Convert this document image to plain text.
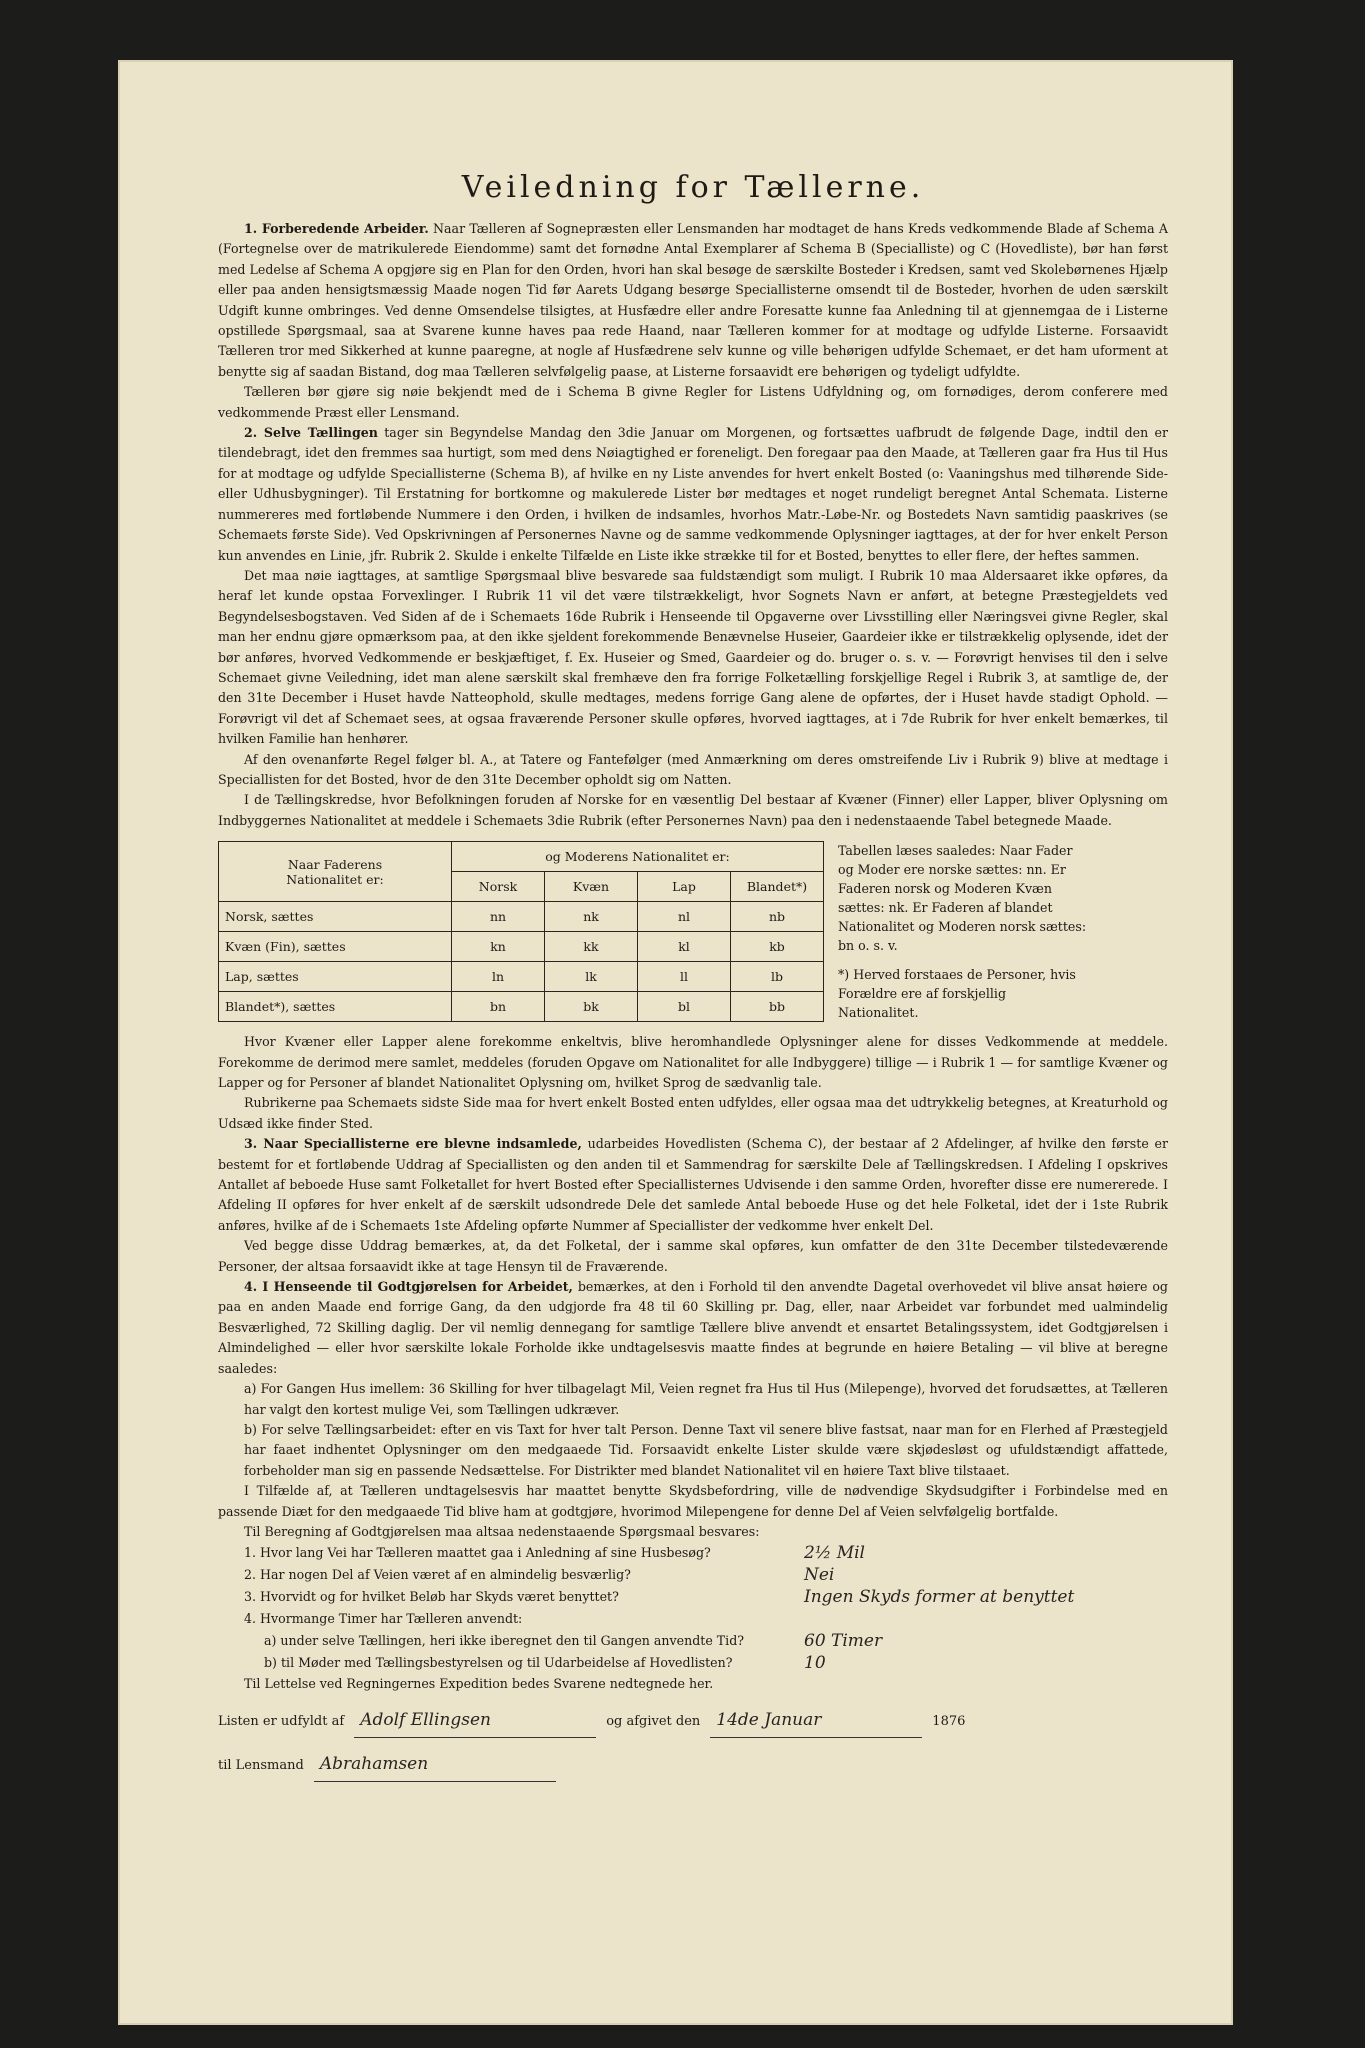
Veiledning for Tællerne.

1. Forberedende Arbeider. Naar Tælleren af Sognepræsten eller Lensmanden har modtaget de hans Kreds vedkommende Blade af Schema A (Fortegnelse over de matrikulerede Eiendomme) samt det fornødne Antal Exemplarer af Schema B (Specialliste) og C (Hovedliste), bør han først med Ledelse af Schema A opgjøre sig en Plan for den Orden, hvori han skal besøge de særskilte Bosteder i Kredsen, samt ved Skolebørnenes Hjælp eller paa anden hensigtsmæssig Maade nogen Tid før Aarets Udgang besørge Speciallisterne omsendt til de Bosteder, hvorhen de uden særskilt Udgift kunne ombringes. Ved denne Omsendelse tilsigtes, at Husfædre eller andre Foresatte kunne faa Anledning til at gjennemgaa de i Listerne opstillede Spørgsmaal, saa at Svarene kunne haves paa rede Haand, naar Tælleren kommer for at modtage og udfylde Listerne. Forsaavidt Tælleren tror med Sikkerhed at kunne paaregne, at nogle af Husfædrene selv kunne og ville behørigen udfylde Schemaet, er det ham uforment at benytte sig af saadan Bistand, dog maa Tælleren selvfølgelig paase, at Listerne forsaavidt ere behørigen og tydeligt udfyldte.

Tælleren bør gjøre sig nøie bekjendt med de i Schema B givne Regler for Listens Udfyldning og, om fornødiges, derom conferere med vedkommende Præst eller Lensmand.

2. Selve Tællingen tager sin Begyndelse Mandag den 3die Januar om Morgenen, og fortsættes uafbrudt de følgende Dage, indtil den er tilendebragt, idet den fremmes saa hurtigt, som med dens Nøiagtighed er foreneligt. Den foregaar paa den Maade, at Tælleren gaar fra Hus til Hus for at modtage og udfylde Speciallisterne (Schema B), af hvilke en ny Liste anvendes for hvert enkelt Bosted (o: Vaaningshus med tilhørende Side- eller Udhusbygninger). Til Erstatning for bortkomne og makulerede Lister bør medtages et noget rundeligt beregnet Antal Schemata. Listerne nummereres med fortløbende Nummere i den Orden, i hvilken de indsamles, hvorhos Matr.-Løbe-Nr. og Bostedets Navn samtidig paaskrives (se Schemaets første Side). Ved Opskrivningen af Personernes Navne og de samme vedkommende Oplysninger iagttages, at der for hver enkelt Person kun anvendes en Linie, jfr. Rubrik 2. Skulde i enkelte Tilfælde en Liste ikke strække til for et Bosted, benyttes to eller flere, der heftes sammen.

Det maa nøie iagttages, at samtlige Spørgsmaal blive besvarede saa fuldstændigt som muligt. I Rubrik 10 maa Aldersaaret ikke opføres, da heraf let kunde opstaa Forvexlinger. I Rubrik 11 vil det være tilstrækkeligt, hvor Sognets Navn er anført, at betegne Præstegjeldets ved Begyndelsesbogstaven. Ved Siden af de i Schemaets 16de Rubrik i Henseende til Opgaverne over Livsstilling eller Næringsvei givne Regler, skal man her endnu gjøre opmærksom paa, at den ikke sjeldent forekommende Benævnelse Huseier, Gaardeier ikke er tilstrækkelig oplysende, idet der bør anføres, hvorved Vedkommende er beskjæftiget, f. Ex. Huseier og Smed, Gaardeier og do. bruger o. s. v. — Forøvrigt henvises til den i selve Schemaet givne Veiledning, idet man alene særskilt skal fremhæve den fra forrige Folketælling forskjellige Regel i Rubrik 3, at samtlige de, der den 31te December i Huset havde Natteophold, skulle medtages, medens forrige Gang alene de opførtes, der i Huset havde stadigt Ophold. — Forøvrigt vil det af Schemaet sees, at ogsaa fraværende Personer skulle opføres, hvorved iagttages, at i 7de Rubrik for hver enkelt bemærkes, til hvilken Familie han henhører.

Af den ovenanførte Regel følger bl. A., at Tatere og Fantefølger (med Anmærkning om deres omstreifende Liv i Rubrik 9) blive at medtage i Speciallisten for det Bosted, hvor de den 31te December opholdt sig om Natten.

I de Tællingskredse, hvor Befolkningen foruden af Norske for en væsentlig Del bestaar af Kvæner (Finner) eller Lapper, bliver Oplysning om Indbyggernes Nationalitet at meddele i Schemaets 3die Rubrik (efter Personernes Navn) paa den i nedenstaaende Tabel betegnede Maade.

Naar Faderens
Nationalitet er:	og Moderens Nationalitet er:			
	Norsk	Kvæn	Lap	Blandet*)
Norsk, sættes	nn	nk	nl	nb
Kvæn (Fin), sættes	kn	kk	kl	kb
Lap, sættes	ln	lk	ll	lb
Blandet*), sættes	bn	bk	bl	bb
Tabellen læses saaledes: Naar Fader og Moder ere norske sættes: nn. Er Faderen norsk og Moderen Kvæn sættes: nk. Er Faderen af blandet Nationalitet og Moderen norsk sættes: bn o. s. v.
*) Herved forstaaes de Personer, hvis Forældre ere af forskjellig Nationalitet.

Hvor Kvæner eller Lapper alene forekomme enkeltvis, blive heromhandlede Oplysninger alene for disses Vedkommende at meddele. Forekomme de derimod mere samlet, meddeles (foruden Opgave om Nationalitet for alle Indbyggere) tillige — i Rubrik 1 — for samtlige Kvæner og Lapper og for Personer af blandet Nationalitet Oplysning om, hvilket Sprog de sædvanlig tale.

Rubrikerne paa Schemaets sidste Side maa for hvert enkelt Bosted enten udfyldes, eller ogsaa maa det udtrykkelig betegnes, at Kreaturhold og Udsæd ikke finder Sted.

3. Naar Speciallisterne ere blevne indsamlede, udarbeides Hovedlisten (Schema C), der bestaar af 2 Afdelinger, af hvilke den første er bestemt for et fortløbende Uddrag af Speciallisten og den anden til et Sammendrag for særskilte Dele af Tællingskredsen. I Afdeling I opskrives Antallet af beboede Huse samt Folketallet for hvert Bosted efter Speciallisternes Udvisende i den samme Orden, hvorefter disse ere numererede. I Afdeling II opføres for hver enkelt af de særskilt udsondrede Dele det samlede Antal beboede Huse og det hele Folketal, idet der i 1ste Rubrik anføres, hvilke af de i Schemaets 1ste Afdeling opførte Nummer af Speciallister der vedkomme hver enkelt Del.

Ved begge disse Uddrag bemærkes, at, da det Folketal, der i samme skal opføres, kun omfatter de den 31te December tilstedeværende Personer, der altsaa forsaavidt ikke at tage Hensyn til de Fraværende.

4. I Henseende til Godtgjørelsen for Arbeidet, bemærkes, at den i Forhold til den anvendte Dagetal overhovedet vil blive ansat høiere og paa en anden Maade end forrige Gang, da den udgjorde fra 48 til 60 Skilling pr. Dag, eller, naar Arbeidet var forbundet med ualmindelig Besværlighed, 72 Skilling daglig. Der vil nemlig dennegang for samtlige Tællere blive anvendt et ensartet Betalingssystem, idet Godtgjørelsen i Almindelighed — eller hvor særskilte lokale Forholde ikke undtagelsesvis maatte findes at begrunde en høiere Betaling — vil blive at beregne saaledes:

a) For Gangen Hus imellem: 36 Skilling for hver tilbagelagt Mil, Veien regnet fra Hus til Hus (Milepenge), hvorved det forudsættes, at Tælleren har valgt den kortest mulige Vei, som Tællingen udkræver.

b) For selve Tællingsarbeidet: efter en vis Taxt for hver talt Person. Denne Taxt vil senere blive fastsat, naar man for en Flerhed af Præstegjeld har faaet indhentet Oplysninger om den medgaaede Tid. Forsaavidt enkelte Lister skulde være skjødesløst og ufuldstændigt affattede, forbeholder man sig en passende Nedsættelse. For Distrikter med blandet Nationalitet vil en høiere Taxt blive tilstaaet.

I Tilfælde af, at Tælleren undtagelsesvis har maattet benytte Skydsbefordring, ville de nødvendige Skydsudgifter i Forbindelse med en passende Diæt for den medgaaede Tid blive ham at godtgjøre, hvorimod Milepengene for denne Del af Veien selvfølgelig bortfalde.

Til Beregning af Godtgjørelsen maa altsaa nedenstaaende Spørgsmaal besvares:

1. Hvor lang Vei har Tælleren maattet gaa i Anledning af sine Husbesøg?	2½ Mil
2. Har nogen Del af Veien været af en almindelig besværlig?	Nei
3. Hvorvidt og for hvilket Beløb har Skyds været benyttet?	Ingen Skyds former at benyttet
4. Hvormange Timer har Tælleren anvendt:
a) under selve Tællingen, heri ikke iberegnet den til Gangen anvendte Tid?	60 Timer
b) til Møder med Tællingsbestyrelsen og til Udarbeidelse af Hovedlisten?	10

Til Lettelse ved Regningernes Expedition bedes Svarene nedtegnede her.

Listen er udfyldt af Adolf Ellingsen	og afgivet den 14de Januar	1876
til Lensmand Abrahamsen
